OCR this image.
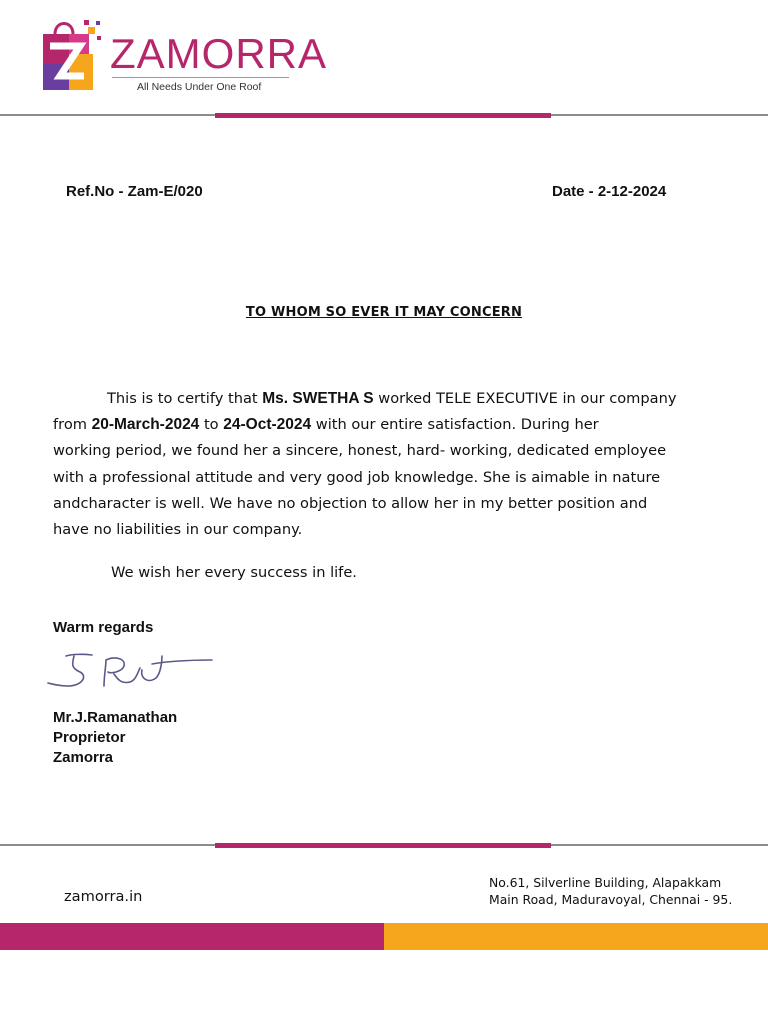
ZAMORRA
All Needs Under One Roof
Ref.No - Zam-E/020	Date - 2-12-2024
TO WHOM SO EVER IT MAY CONCERN
This is to certify that Ms. SWETHA S worked TELE EXECUTIVE in our company
from 20-March-2024 to 24-Oct-2024 with our entire satisfaction. During her
working period, we found her a sincere, honest, hard- working, dedicated employee
with a professional attitude and very good job knowledge. She is aimable in nature
andcharacter is well. We have no objection to allow her in my better position and
have no liabilities in our company.
We wish her every success in life.
Warm regards
Mr.J.Ramanathan
Proprietor
Zamorra
zamorra.in
No.61, Silverline Building, Alapakkam
Main Road, Maduravoyal, Chennai - 95.
